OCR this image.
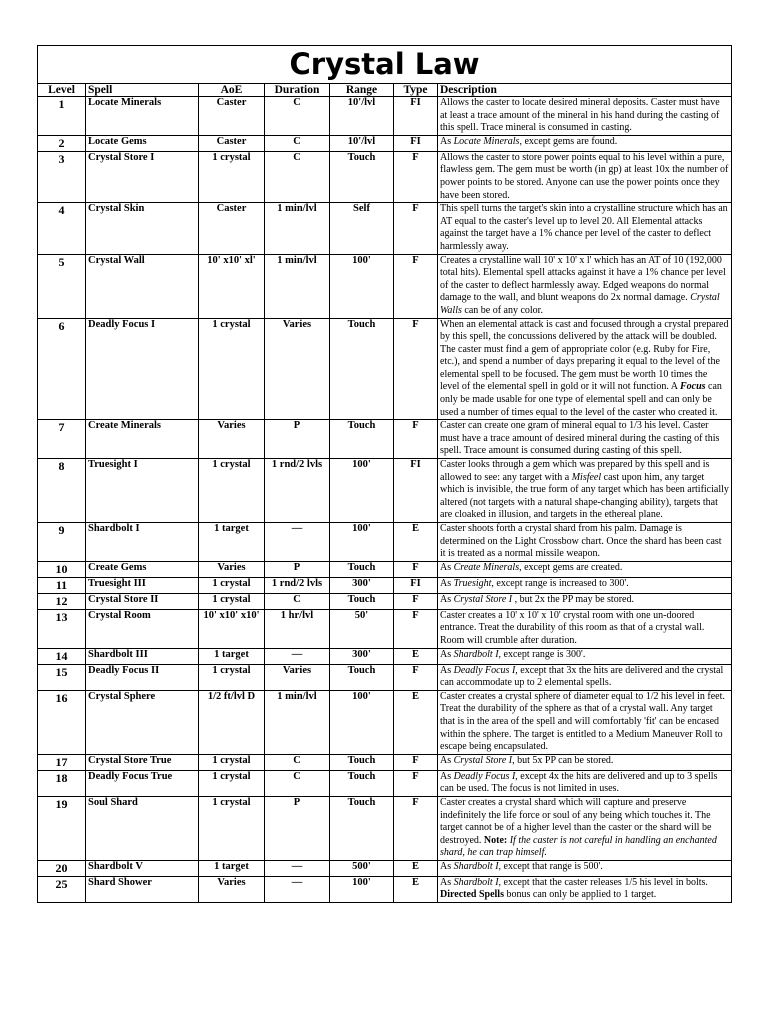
Crystal Law						
Level	Spell	AoE	Duration	Range	Type	Description
1	Locate Minerals	Caster	C	10'/lvl	FI	Allows the caster to locate desired mineral deposits. Caster must have at least a trace amount of the mineral in his hand during the casting of this spell. Trace mineral is consumed in casting.
2	Locate Gems	Caster	C	10'/lvl	FI	As Locate Minerals, except gems are found.
3	Crystal Store I	1 crystal	C	Touch	F	Allows the caster to store power points equal to his level within a pure, flawless gem. The gem must be worth (in gp) at least 10x the number of power points to be stored. Anyone can use the power points once they have been stored.
4	Crystal Skin	Caster	1 min/lvl	Self	F	This spell turns the target's skin into a crystalline structure which has an AT equal to the caster's level up to level 20. All Elemental attacks against the target have a 1% chance per level of the caster to deflect harmlessly away.
5	Crystal Wall	10' x10' xl'	1 min/lvl	100'	F	Creates a crystalline wall 10' x 10' x l' which has an AT of 10 (192,000 total hits). Elemental spell attacks against it have a 1% chance per level of the caster to deflect harmlessly away. Edged weapons do normal damage to the wall, and blunt weapons do 2x normal damage. Crystal Walls can be of any color.
6	Deadly Focus I	1 crystal	Varies	Touch	F	When an elemental attack is cast and focused through a crystal prepared by this spell, the concussions delivered by the attack will be doubled. The caster must find a gem of appropriate color (e.g. Ruby for Fire, etc.), and spend a number of days preparing it equal to the level of the elemental spell to be focused. The gem must be worth 10 times the level of the elemental spell in gold or it will not function. A Focus can only be made usable for one type of elemental spell and can only be used a number of times equal to the level of the caster who created it.
7	Create Minerals	Varies	P	Touch	F	Caster can create one gram of mineral equal to 1/3 his level. Caster must have a trace amount of desired mineral during the casting of this spell. Trace amount is consumed during casting of this spell.
8	Truesight I	1 crystal	1 rnd/2 lvls	100'	FI	Caster looks through a gem which was prepared by this spell and is allowed to see: any target with a Misfeel cast upon him, any target which is invisible, the true form of any target which has been artificially altered (not targets with a natural shape-changing ability), targets that are cloaked in illusion, and targets in the ethereal plane.
9	Shardbolt I	1 target	—	100'	E	Caster shoots forth a crystal shard from his palm. Damage is determined on the Light Crossbow chart. Once the shard has been cast it is treated as a normal missile weapon.
10	Create Gems	Varies	P	Touch	F	As Create Minerals, except gems are created.
11	Truesight III	1 crystal	1 rnd/2 lvls	300'	FI	As Truesight, except range is increased to 300'.
12	Crystal Store II	1 crystal	C	Touch	F	As Crystal Store I , but 2x the PP may be stored.
13	Crystal Room	10' x10' x10'	1 hr/lvl	50'	F	Caster creates a 10' x 10' x 10' crystal room with one un-doored entrance. Treat the durability of this room as that of a crystal wall. Room will crumble after duration.
14	Shardbolt III	1 target	—	300'	E	As Shardbolt I, except range is 300'.
15	Deadly Focus II	1 crystal	Varies	Touch	F	As Deadly Focus I, except that 3x the hits are delivered and the crystal can accommodate up to 2 elemental spells.
16	Crystal Sphere	1/2 ft/lvl D	1 min/lvl	100'	E	Caster creates a crystal sphere of diameter equal to 1/2 his level in feet. Treat the durability of the sphere as that of a crystal wall. Any target that is in the area of the spell and will comfortably 'fit' can be encased within the sphere. The target is entitled to a Medium Maneuver Roll to escape being encapsulated.
17	Crystal Store True	1 crystal	C	Touch	F	As Crystal Store I, but 5x PP can be stored.
18	Deadly Focus True	1 crystal	C	Touch	F	As Deadly Focus I, except 4x the hits are delivered and up to 3 spells can be used. The focus is not limited in uses.
19	Soul Shard	1 crystal	P	Touch	F	Caster creates a crystal shard which will capture and preserve indefinitely the life force or soul of any being which touches it. The target cannot be of a higher level than the caster or the shard will be destroyed. Note: If the caster is not careful in handling an enchanted shard, he can trap himself.
20	Shardbolt V	1 target	—	500'	E	As Shardbolt I, except that range is 500'.
25	Shard Shower	Varies	—	100'	E	As Shardbolt I, except that the caster releases 1/5 his level in bolts. Directed Spells bonus can only be applied to 1 target.
